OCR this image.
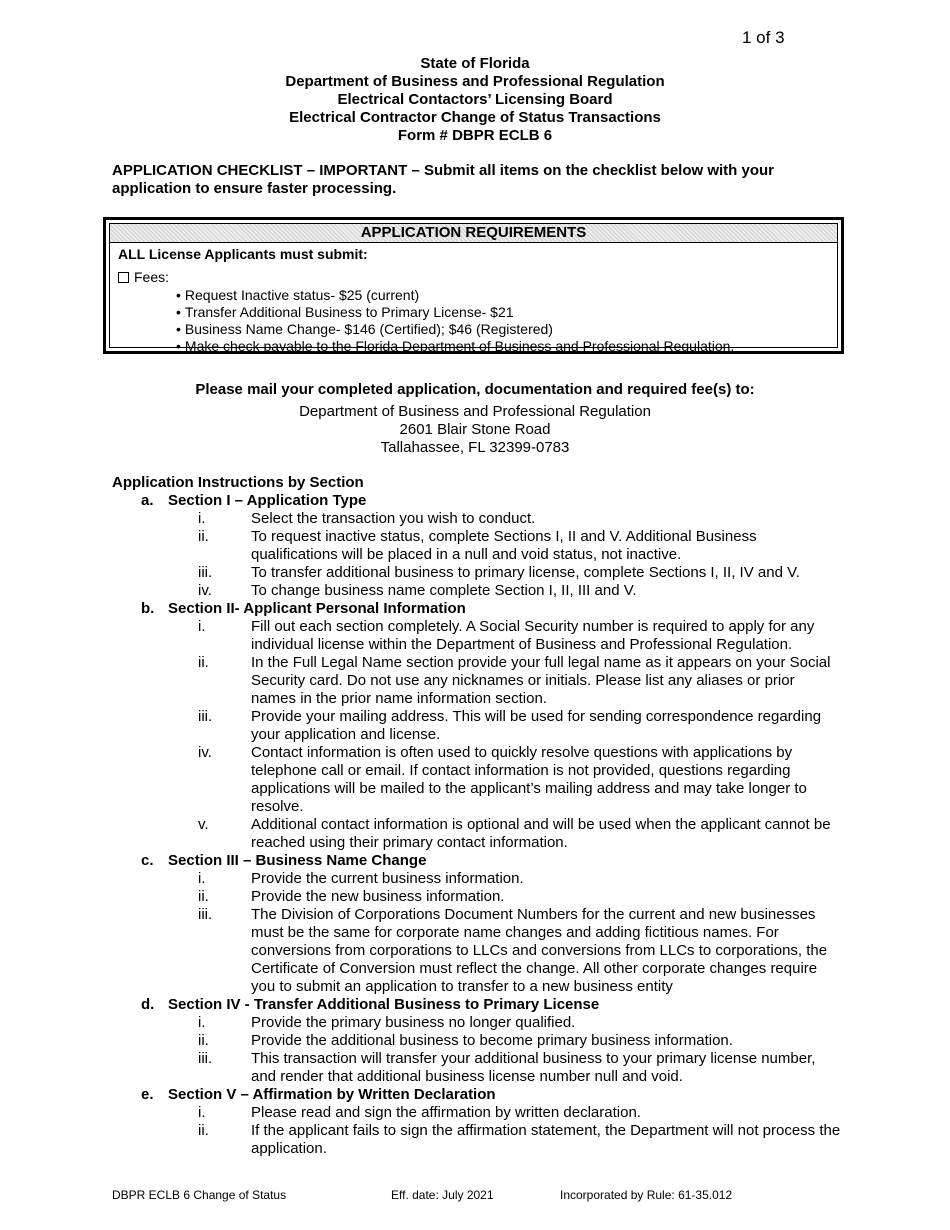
1 of 3
State of Florida
Department of Business and Professional Regulation
Electrical Contactors’ Licensing Board
Electrical Contractor Change of Status Transactions
Form # DBPR ECLB 6
APPLICATION CHECKLIST – IMPORTANT – Submit all items on the checklist below with your application to ensure faster processing.
APPLICATION REQUIREMENTS
ALL License Applicants must submit:
Fees:
• Request Inactive status- $25 (current)
• Transfer Additional Business to Primary License- $21
• Business Name Change- $146 (Certified); $46 (Registered)
• Make check payable to the Florida Department of Business and Professional Regulation.
Please mail your completed application, documentation and required fee(s) to:
Department of Business and Professional Regulation
2601 Blair Stone Road
Tallahassee, FL 32399-0783
Application Instructions by Section
a. Section I – Application Type
i.	Select the transaction you wish to conduct.
ii.	To request inactive status, complete Sections I, II and V. Additional Business qualifications will be placed in a null and void status, not inactive.
iii.	To transfer additional business to primary license, complete Sections I, II, IV and V.
iv.	To change business name complete Section I, II, III and V.
b. Section II- Applicant Personal Information
i.	Fill out each section completely. A Social Security number is required to apply for any individual license within the Department of Business and Professional Regulation.
ii.	In the Full Legal Name section provide your full legal name as it appears on your Social Security card. Do not use any nicknames or initials. Please list any aliases or prior names in the prior name information section.
iii.	Provide your mailing address. This will be used for sending correspondence regarding your application and license.
iv.	Contact information is often used to quickly resolve questions with applications by telephone call or email. If contact information is not provided, questions regarding applications will be mailed to the applicant’s mailing address and may take longer to resolve.
v.	Additional contact information is optional and will be used when the applicant cannot be reached using their primary contact information.
c. Section III – Business Name Change
i.	Provide the current business information.
ii.	Provide the new business information.
iii.	The Division of Corporations Document Numbers for the current and new businesses must be the same for corporate name changes and adding fictitious names. For conversions from corporations to LLCs and conversions from LLCs to corporations, the Certificate of Conversion must reflect the change. All other corporate changes require you to submit an application to transfer to a new business entity
d. Section IV - Transfer Additional Business to Primary License
i.	Provide the primary business no longer qualified.
ii.	Provide the additional business to become primary business information.
iii.	This transaction will transfer your additional business to your primary license number, and render that additional business license number null and void.
e. Section V – Affirmation by Written Declaration
i.	Please read and sign the affirmation by written declaration.
ii.	If the applicant fails to sign the affirmation statement, the Department will not process the application.
DBPR ECLB 6 Change of Status	Eff. date: July 2021	Incorporated by Rule: 61-35.012
